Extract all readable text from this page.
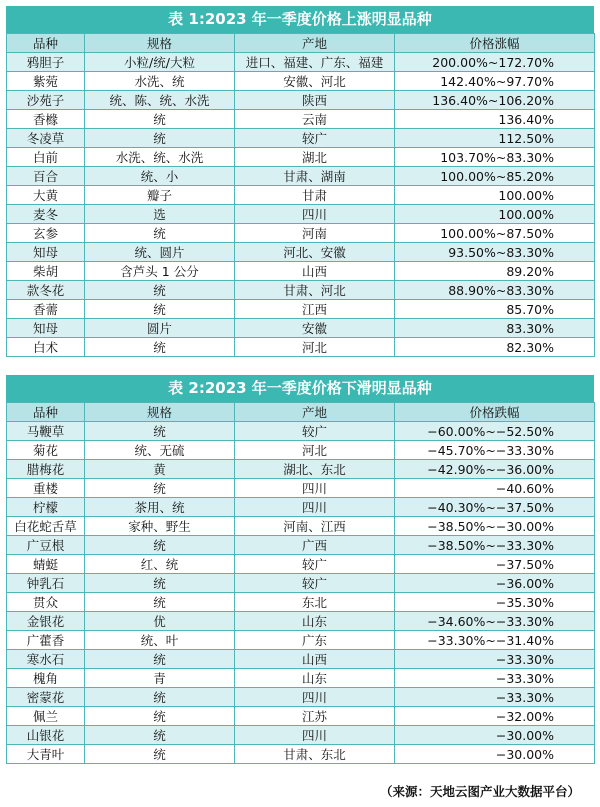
表 1:2023 年一季度价格上涨明显品种
品种	规格	产地	价格涨幅
鸦胆子	小粒/统/大粒	进口、福建、广东、福建	200.00%~172.70%
紫菀	水洗、统	安徽、河北	142.40%~97.70%
沙苑子	统、陈、统、水洗	陕西	136.40%~106.20%
香橼	统	云南	136.40%
冬凌草	统	较广	112.50%
白前	水洗、统、水洗	湖北	103.70%~83.30%
百合	统、小	甘肃、湖南	100.00%~85.20%
大黄	瓣子	甘肃	100.00%
麦冬	选	四川	100.00%
玄参	统	河南	100.00%~87.50%
知母	统、圆片	河北、安徽	93.50%~83.30%
柴胡	含芦头 1 公分	山西	89.20%
款冬花	统	甘肃、河北	88.90%~83.30%
香薷	统	江西	85.70%
知母	圆片	安徽	83.30%
白术	统	河北	82.30%
表 2:2023 年一季度价格下滑明显品种
品种	规格	产地	价格跌幅
马鞭草	统	较广	−60.00%~−52.50%
菊花	统、无硫	河北	−45.70%~−33.30%
腊梅花	黄	湖北、东北	−42.90%~−36.00%
重楼	统	四川	−40.60%
柠檬	茶用、统	四川	−40.30%~−37.50%
白花蛇舌草	家种、野生	河南、江西	−38.50%~−30.00%
广豆根	统	广西	−38.50%~−33.30%
蜻蜓	红、统	较广	−37.50%
钟乳石	统	较广	−36.00%
贯众	统	东北	−35.30%
金银花	优	山东	−34.60%~−33.30%
广藿香	统、叶	广东	−33.30%~−31.40%
寒水石	统	山西	−33.30%
槐角	青	山东	−33.30%
密蒙花	统	四川	−33.30%
佩兰	统	江苏	−32.00%
山银花	统	四川	−30.00%
大青叶	统	甘肃、东北	−30.00%
（来源：天地云图产业大数据平台）
